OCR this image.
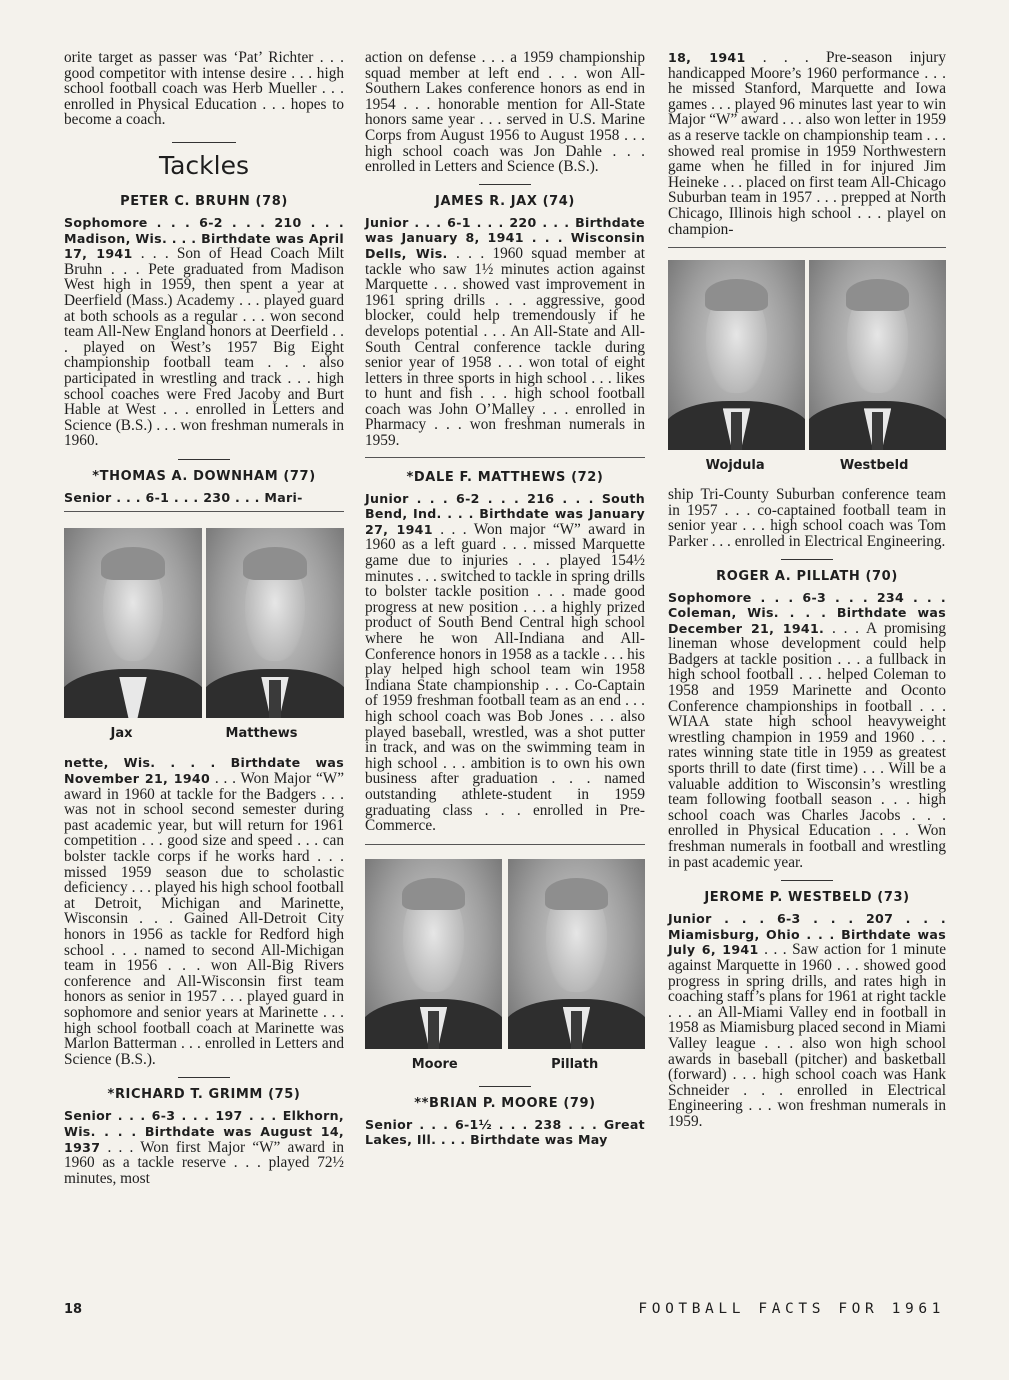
orite target as passer was ‘Pat’ Richter . . . good competitor with intense desire . . . high school football coach was Herb Mueller . . . enrolled in Physical Education . . . hopes to become a coach.

Tackles

PETER C. BRUHN (78)

Sophomore . . . 6-2 . . . 210 . . . Madison, Wis. . . . Birthdate was April 17, 1941 . . . Son of Head Coach Milt Bruhn . . . Pete graduated from Madison West high in 1959, then spent a year at Deerfield (Mass.) Academy . . . played guard at both schools as a regular . . . won second team All-New England honors at Deerfield . . . played on West’s 1957 Big Eight championship football team . . . also participated in wrestling and track . . . high school coaches were Fred Jacoby and Burt Hable at West . . . enrolled in Letters and Science (B.S.) . . . won freshman numerals in 1960.

*THOMAS A. DOWNHAM (77)

Senior . . . 6-1 . . . 230 . . . Mari-

Jax	Matthews

nette, Wis. . . . Birthdate was November 21, 1940 . . . Won Major “W” award in 1960 at tackle for the Badgers . . . was not in school second semester during past academic year, but will return for 1961 competition . . . good size and speed . . . can bolster tackle corps if he works hard . . . missed 1959 season due to scholastic deficiency . . . played his high school football at Detroit, Michigan and Marinette, Wisconsin . . . Gained All-Detroit City honors in 1956 as tackle for Redford high school . . . named to second All-Michigan team in 1956 . . . won All-Big Rivers conference and All-Wisconsin first team honors as senior in 1957 . . . played guard in sophomore and senior years at Marinette . . . high school football coach at Marinette was Marlon Batterman . . . enrolled in Letters and Science (B.S.).

*RICHARD T. GRIMM (75)

Senior . . . 6-3 . . . 197 . . . Elkhorn, Wis. . . . Birthdate was August 14, 1937 . . . Won first Major “W” award in 1960 as a tackle reserve . . . played 72½ minutes, most

action on defense . . . a 1959 championship squad member at left end . . . won All-Southern Lakes conference honors as end in 1954 . . . honorable mention for All-State honors same year . . . served in U.S. Marine Corps from August 1956 to August 1958 . . . high school coach was Jon Dahle . . . enrolled in Letters and Science (B.S.).

JAMES R. JAX (74)

Junior . . . 6-1 . . . 220 . . . Birthdate was January 8, 1941 . . . Wisconsin Dells, Wis. . . . 1960 squad member at tackle who saw 1½ minutes action against Marquette . . . showed vast improvement in 1961 spring drills . . . aggressive, good blocker, could help tremendously if he develops potential . . . An All-State and All-South Central conference tackle during senior year of 1958 . . . won total of eight letters in three sports in high school . . . likes to hunt and fish . . . high school football coach was John O’Malley . . . enrolled in Pharmacy . . . won freshman numerals in 1959.

*DALE F. MATTHEWS (72)

Junior . . . 6-2 . . . 216 . . . South Bend, Ind. . . . Birthdate was January 27, 1941 . . . Won major “W” award in 1960 as a left guard . . . missed Marquette game due to injuries . . . played 154½ minutes . . . switched to tackle in spring drills to bolster tackle position . . . made good progress at new position . . . a highly prized product of South Bend Central high school where he won All-Indiana and All-Conference honors in 1958 as a tackle . . . his play helped high school team win 1958 Indiana State championship . . . Co-Captain of 1959 freshman football team as an end . . . high school coach was Bob Jones . . . also played baseball, wrestled, was a shot putter in track, and was on the swimming team in high school . . . ambition is to own his own business after graduation . . . named outstanding athlete-student in 1959 graduating class . . . enrolled in Pre-Commerce.

Moore	Pillath

**BRIAN P. MOORE (79)

Senior . . . 6-1½ . . . 238 . . . Great Lakes, Ill. . . . Birthdate was May

18, 1941 . . . Pre-season injury handicapped Moore’s 1960 performance . . . he missed Stanford, Marquette and Iowa games . . . played 96 minutes last year to win Major “W” award . . . also won letter in 1959 as a reserve tackle on championship team . . . showed real promise in 1959 Northwestern game when he filled in for injured Jim Heineke . . . placed on first team All-Chicago Suburban team in 1957 . . . prepped at North Chicago, Illinois high school . . . playel on champion-

Wojdula	Westbeld

ship Tri-County Suburban conference team in 1957 . . . co-captained football team in senior year . . . high school coach was Tom Parker . . . enrolled in Electrical Engineering.

ROGER A. PILLATH (70)

Sophomore . . . 6-3 . . . 234 . . . Coleman, Wis. . . . Birthdate was December 21, 1941. . . . A promising lineman whose development could help Badgers at tackle position . . . a fullback in high school football . . . helped Coleman to 1958 and 1959 Marinette and Oconto Conference championships in football . . . WIAA state high school heavyweight wrestling champion in 1959 and 1960 . . . rates winning state title in 1959 as greatest sports thrill to date (first time) . . . Will be a valuable addition to Wisconsin’s wrestling team following football season . . . high school coach was Charles Jacobs . . . enrolled in Physical Education . . . Won freshman numerals in football and wrestling in past academic year.

JEROME P. WESTBELD (73)

Junior . . . 6-3 . . . 207 . . . Miamisburg, Ohio . . . Birthdate was July 6, 1941 . . . Saw action for 1 minute against Marquette in 1960 . . . showed good progress in spring drills, and rates high in coaching staff’s plans for 1961 at right tackle . . . an All-Miami Valley end in football in 1958 as Miamisburg placed second in Miami Valley league . . . also won high school awards in baseball (pitcher) and basketball (forward) . . . high school coach was Hank Schneider . . . enrolled in Electrical Engineering . . . won freshman numerals in 1959.

18	FOOTBALL FACTS FOR 1961
